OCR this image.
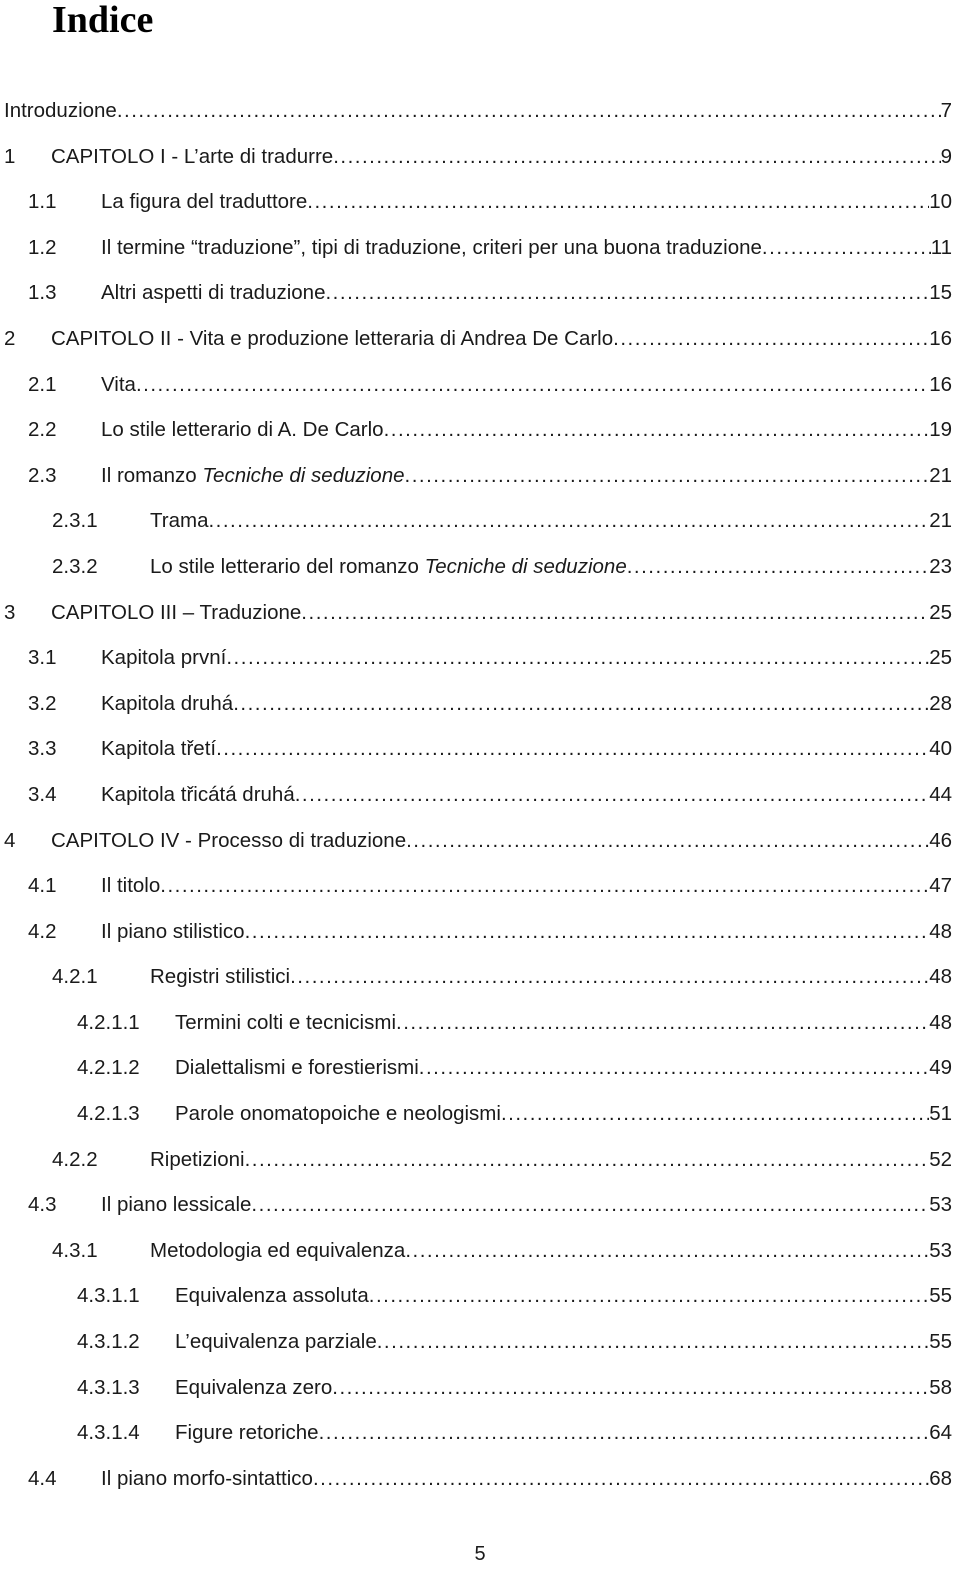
Indice
Introduzione .....	7
1 CAPITOLO I - L’arte di tradurre .....	9
1.1 La figura del traduttore .....	10
1.2 Il termine “traduzione”, tipi di traduzione, criteri per una buona traduzione .....	11
1.3 Altri aspetti di traduzione .....	15
2 CAPITOLO II - Vita e produzione letteraria di Andrea De Carlo .....	16
2.1 Vita .....	16
2.2 Lo stile letterario di A. De Carlo .....	19
2.3 Il romanzo Tecniche di seduzione .....	21
2.3.1	Trama .....	21
2.3.2	Lo stile letterario del romanzo Tecniche di seduzione .....	23
3 CAPITOLO III – Traduzione .....	25
3.1 Kapitola první .....	25
3.2 Kapitola druhá .....	28
3.3 Kapitola třetí .....	40
3.4 Kapitola třicátá druhá .....	44
4 CAPITOLO IV - Processo di traduzione .....	46
4.1 Il titolo .....	47
4.2 Il piano stilistico .....	48
4.2.1	Registri stilistici .....	48
4.2.1.1 Termini colti e tecnicismi .....	48
4.2.1.2 Dialettalismi e forestierismi .....	49
4.2.1.3 Parole onomatopoiche e neologismi .....	51
4.2.2	Ripetizioni .....	52
4.3 Il piano lessicale .....	53
4.3.1	Metodologia ed equivalenza .....	53
4.3.1.1 Equivalenza assoluta .....	55
4.3.1.2 L’equivalenza parziale .....	55
4.3.1.3 Equivalenza zero .....	58
4.3.1.4 Figure retoriche .....	64
4.4 Il piano morfo-sintattico .....	68
5
